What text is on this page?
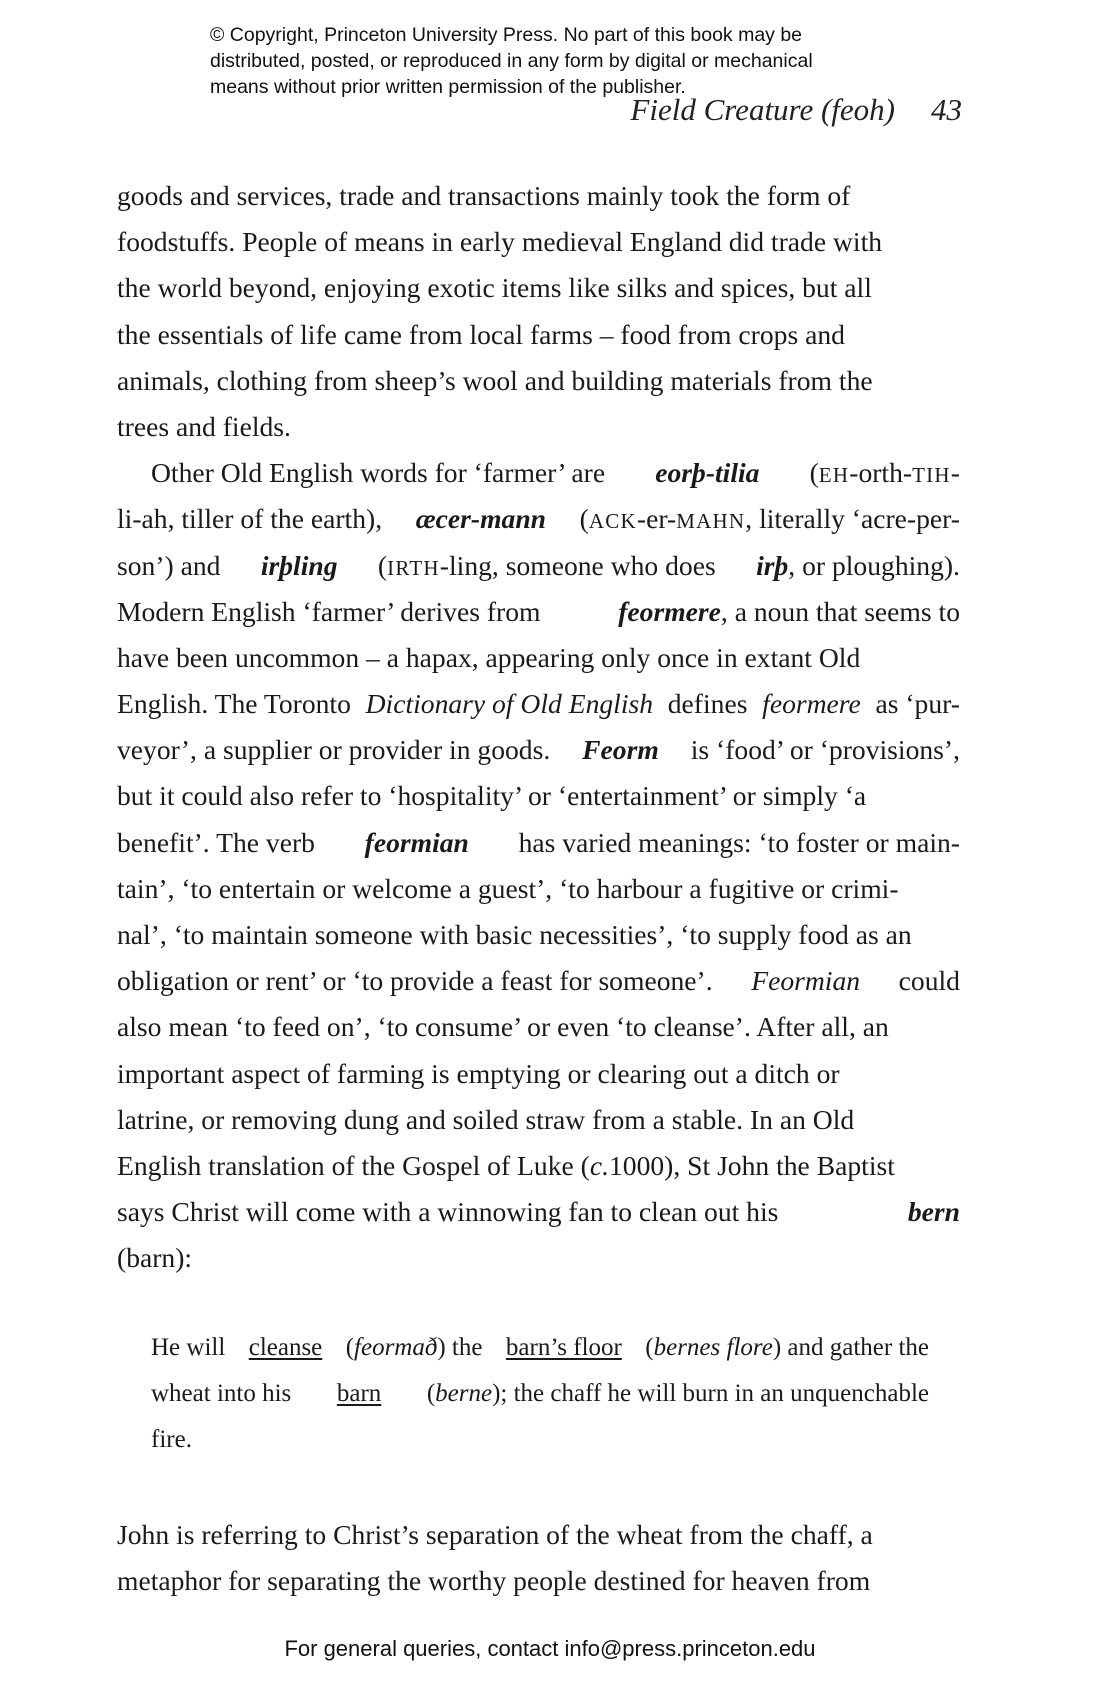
© Copyright, Princeton University Press. No part of this book may be
distributed, posted, or reproduced in any form by digital or mechanical
means without prior written permission of the publisher.
Field Creature (feoh) 43
goods and services, trade and transactions mainly took the form of
foodstuffs. People of means in early medieval England did trade with
the world beyond, enjoying exotic items like silks and spices, but all
the essentials of life came from local farms – food from crops and
animals, clothing from sheep’s wool and building materials from the
trees and fields.
Other Old English words for ‘farmer’ are eorþ-tilia (EH-orth-TIH-
li-ah, tiller of the earth), æcer-mann (ACK-er-MAHN, literally ‘acre-per-
son’) and irþling (IRTH-ling, someone who does irþ, or ploughing).
Modern English ‘farmer’ derives from	feormere, a noun that seems to
have been uncommon – a hapax, appearing only once in extant Old
English. The Toronto Dictionary of Old English defines feormere as ‘pur-
veyor’, a supplier or provider in goods. Feorm is ‘food’ or ‘provisions’,
but it could also refer to ‘hospitality’ or ‘entertainment’ or simply ‘a
benefit’. The verb feormian has varied meanings: ‘to foster or main-
tain’, ‘to entertain or welcome a guest’, ‘to harbour a fugitive or crimi-
nal’, ‘to maintain someone with basic necessities’, ‘to supply food as an
obligation or rent’ or ‘to provide a feast for someone’. Feormian could
also mean ‘to feed on’, ‘to consume’ or even ‘to cleanse’. After all, an
important aspect of farming is emptying or clearing out a ditch or
latrine, or removing dung and soiled straw from a stable. In an Old
English translation of the Gospel of Luke (c.1000), St John the Baptist
says Christ will come with a winnowing fan to clean out his	bern
(barn):
He will cleanse (feormað) the barn’s floor (bernes flore) and gather the
wheat into his barn (berne); the chaff he will burn in an unquenchable
fire.
John is referring to Christ’s separation of the wheat from the chaff, a
metaphor for separating the worthy people destined for heaven from
For general queries, contact info@press.princeton.edu
